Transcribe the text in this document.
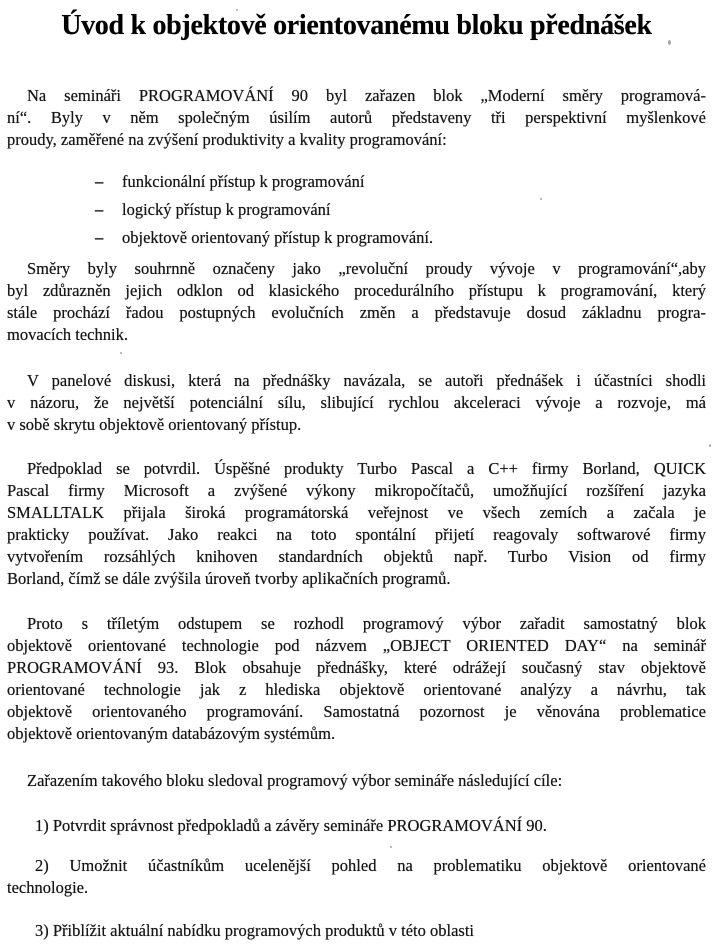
Úvod k objektově orientovanému bloku přednášek
Na semináři PROGRAMOVÁNÍ 90 byl zařazen blok „Moderní směry programová-
ní“. Byly v něm společným úsilím autorů představeny tři perspektivní myšlenkové
proudy, zaměřené na zvýšení produktivity a kvality programování:
– funkcionální přístup k programování
– logický přístup k programování
– objektově orientovaný přístup k programování.
Směry byly souhrnně označeny jako „revoluční proudy vývoje v programování“,aby
byl zdůrazněn jejich odklon od klasického procedurálního přístupu k programování, který
stále prochází řadou postupných evolučních změn a představuje dosud základnu progra-
movacích technik.
V panelové diskusi, která na přednášky navázala, se autoři přednášek i účastníci shodli
v názoru, že největší potenciální sílu, slibující rychlou akceleraci vývoje a rozvoje, má
v sobě skrytu objektově orientovaný přístup.
Předpoklad se potvrdil. Úspěšné produkty Turbo Pascal a C++ firmy Borland, QUICK
Pascal firmy Microsoft a zvýšené výkony mikropočítačů, umožňující rozšíření jazyka
SMALLTALK přijala široká programátorská veřejnost ve všech zemích a začala je
prakticky používat. Jako reakci na toto spontální přijetí reagovaly softwarové firmy
vytvořením rozsáhlých knihoven standardních objektů např. Turbo Vision od firmy
Borland, čímž se dále zvýšila úroveň tvorby aplikačních programů.
Proto s tříletým odstupem se rozhodl programový výbor zařadit samostatný blok
objektově orientované technologie pod názvem „OBJECT ORIENTED DAY“ na seminář
PROGRAMOVÁNÍ 93. Blok obsahuje přednášky, které odrážejí současný stav objektově
orientované technologie jak z hlediska objektově orientované analýzy a návrhu, tak
objektově orientovaného programování. Samostatná pozornost je věnována problematice
objektově orientovaným databázovým systémům.
Zařazením takového bloku sledoval programový výbor semináře následující cíle:
1) Potvrdit správnost předpokladů a závěry semináře PROGRAMOVÁNÍ 90.
2) Umožnit účastníkům ucelenější pohled na problematiku objektově orientované
technologie.
3) Přiblížit aktuální nabídku programových produktů v této oblasti
